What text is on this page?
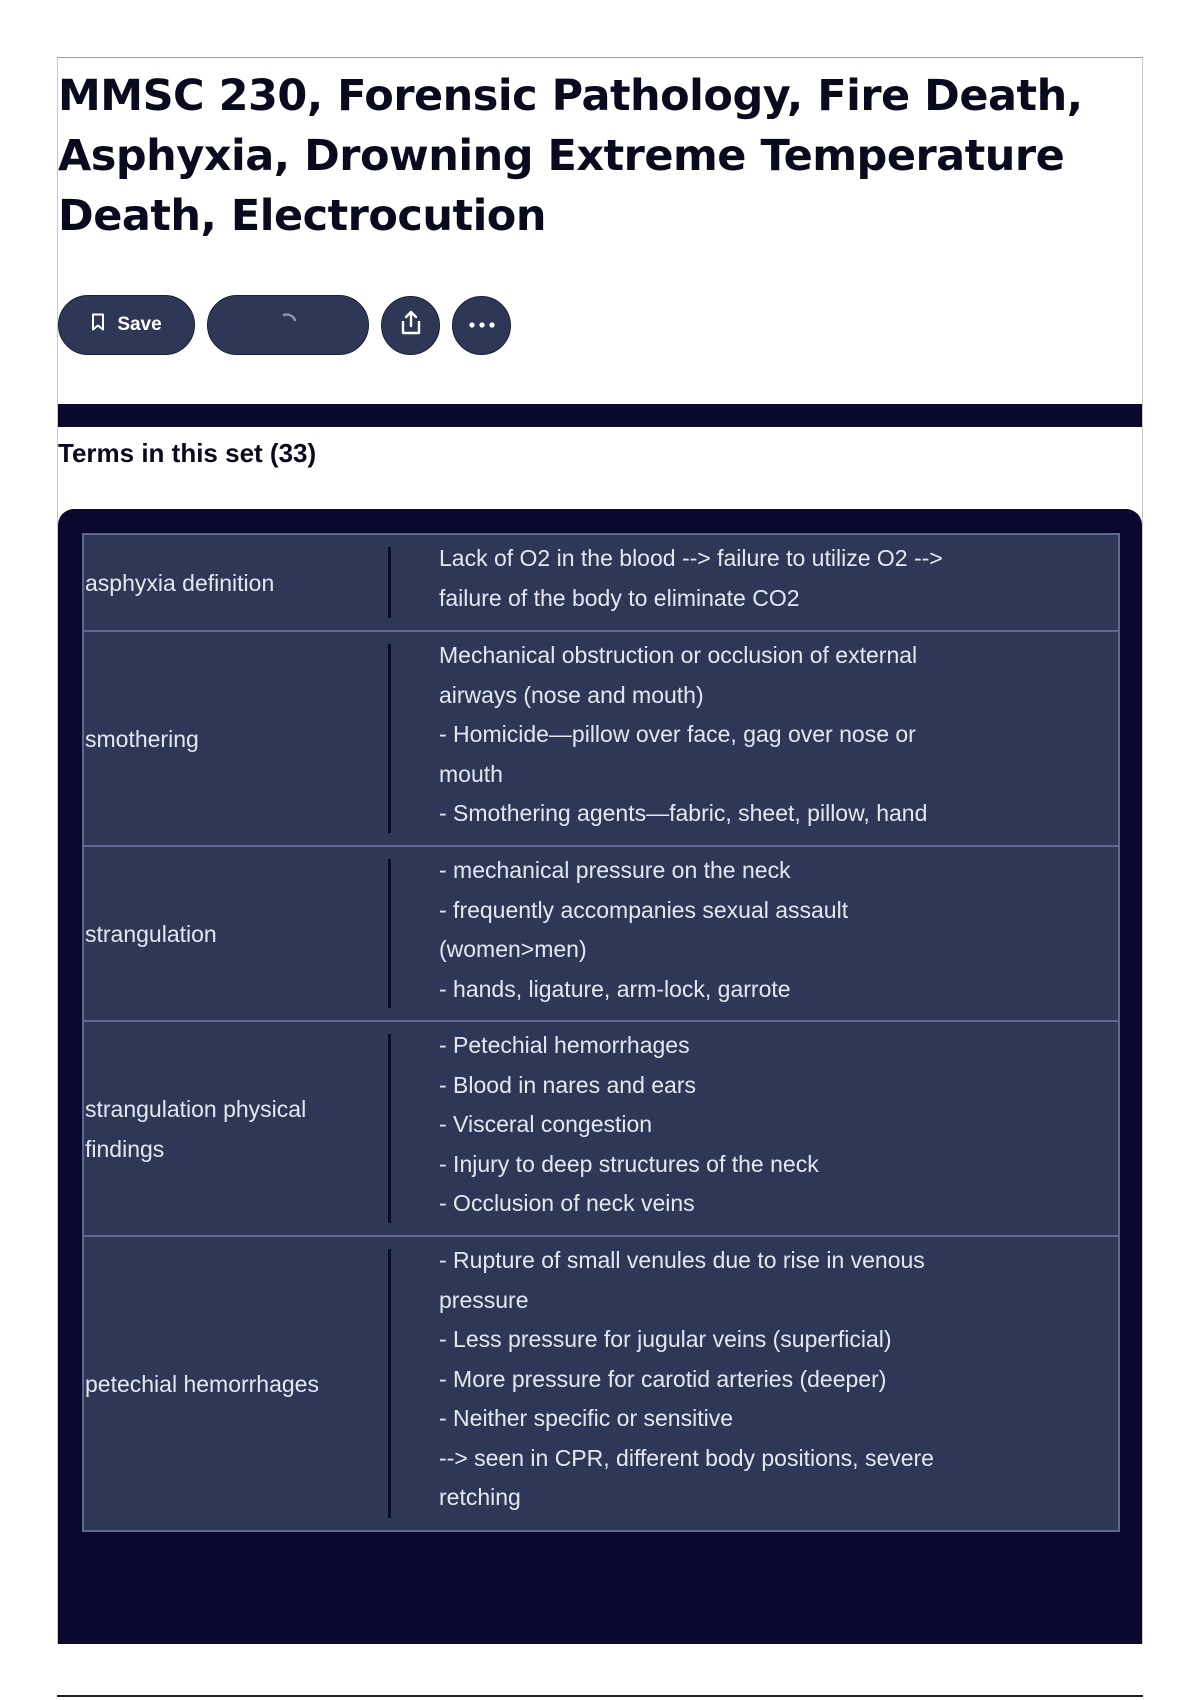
MMSC 230, Forensic Pathology, Fire Death, Asphyxia, Drowning Extreme Temperature Death, Electrocution
Save
Terms in this set (33)
asphyxia definition
Lack of O2 in the blood --> failure to utilize O2 -->
failure of the body to eliminate CO2
smothering
Mechanical obstruction or occlusion of external
airways (nose and mouth)
- Homicide—pillow over face, gag over nose or
mouth
- Smothering agents—fabric, sheet, pillow, hand
strangulation
- mechanical pressure on the neck
- frequently accompanies sexual assault
(women>men)
- hands, ligature, arm-lock, garrote
strangulation physical findings
- Petechial hemorrhages
- Blood in nares and ears
- Visceral congestion
- Injury to deep structures of the neck
- Occlusion of neck veins
petechial hemorrhages
- Rupture of small venules due to rise in venous
pressure
- Less pressure for jugular veins (superficial)
- More pressure for carotid arteries (deeper)
- Neither specific or sensitive
--> seen in CPR, different body positions, severe
retching
